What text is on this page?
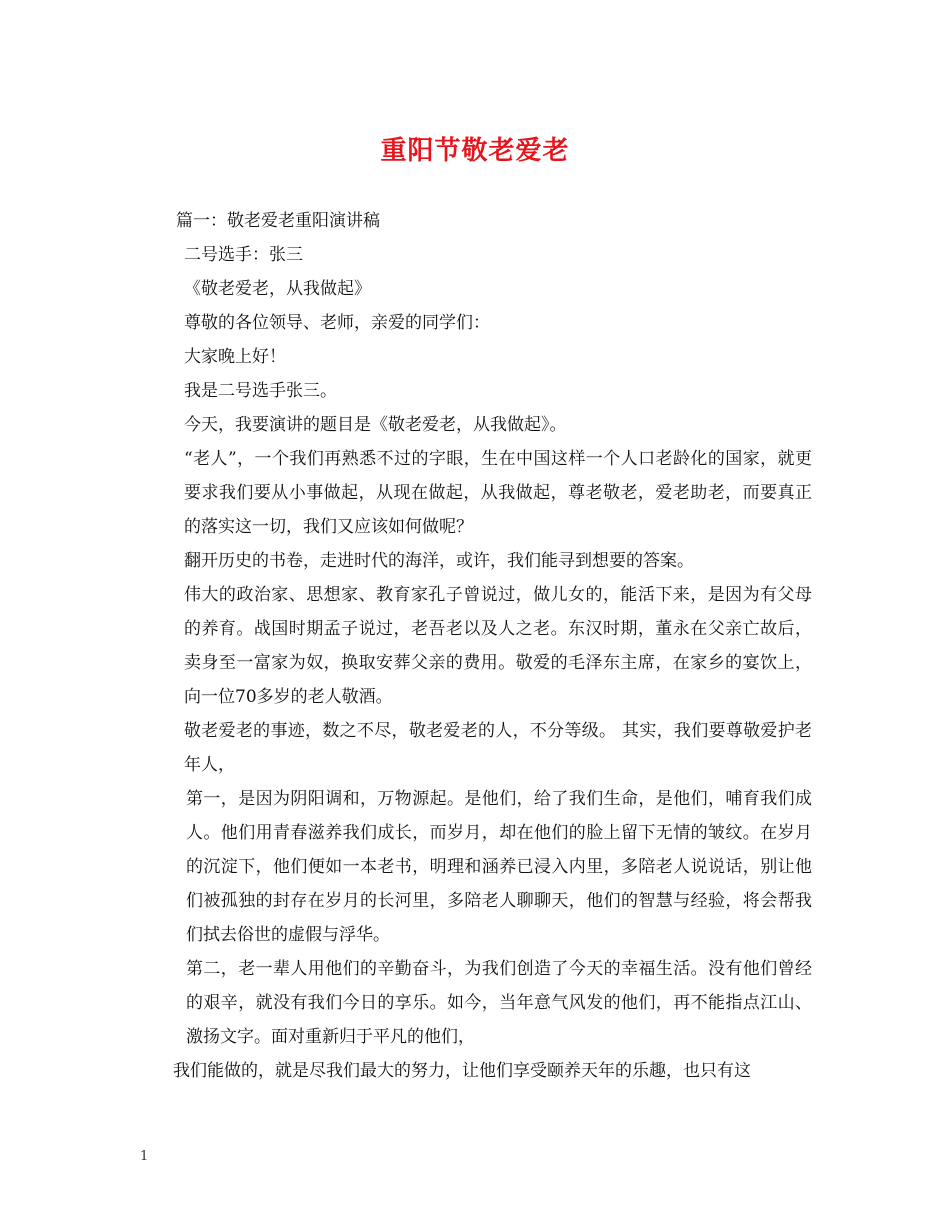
重阳节敬老爱老

篇一：敬老爱老重阳演讲稿

二号选手：张三

《敬老爱老，从我做起》

尊敬的各位领导、老师，亲爱的同学们：

大家晚上好！

我是二号选手张三。

今天，我要演讲的题目是《敬老爱老，从我做起》。

“老人”，一个我们再熟悉不过的字眼，生在中国这样一个人口老龄化的国家，就更要求我们要从小事做起，从现在做起，从我做起，尊老敬老，爱老助老，而要真正的落实这一切，我们又应该如何做呢？

翻开历史的书卷，走进时代的海洋，或许，我们能寻到想要的答案。

伟大的政治家、思想家、教育家孔子曾说过，做儿女的，能活下来，是因为有父母的养育。战国时期孟子说过，老吾老以及人之老。东汉时期，董永在父亲亡故后，卖身至一富家为奴，换取安葬父亲的费用。敬爱的毛泽东主席，在家乡的宴饮上，向一位70多岁的老人敬酒。

敬老爱老的事迹，数之不尽，敬老爱老的人，不分等级。 其实，我们要尊敬爱护老年人，

第一，是因为阴阳调和，万物源起。是他们，给了我们生命，是他们，哺育我们成人。他们用青春滋养我们成长，而岁月，却在他们的脸上留下无情的皱纹。在岁月的沉淀下，他们便如一本老书，明理和涵养已浸入内里，多陪老人说说话，别让他们被孤独的封存在岁月的长河里，多陪老人聊聊天，他们的智慧与经验，将会帮我们拭去俗世的虚假与浮华。

第二，老一辈人用他们的辛勤奋斗，为我们创造了今天的幸福生活。没有他们曾经的艰辛，就没有我们今日的享乐。如今，当年意气风发的他们，再不能指点江山、激扬文字。面对重新归于平凡的他们，

我们能做的，就是尽我们最大的努力，让他们享受颐养天年的乐趣，也只有这

1
